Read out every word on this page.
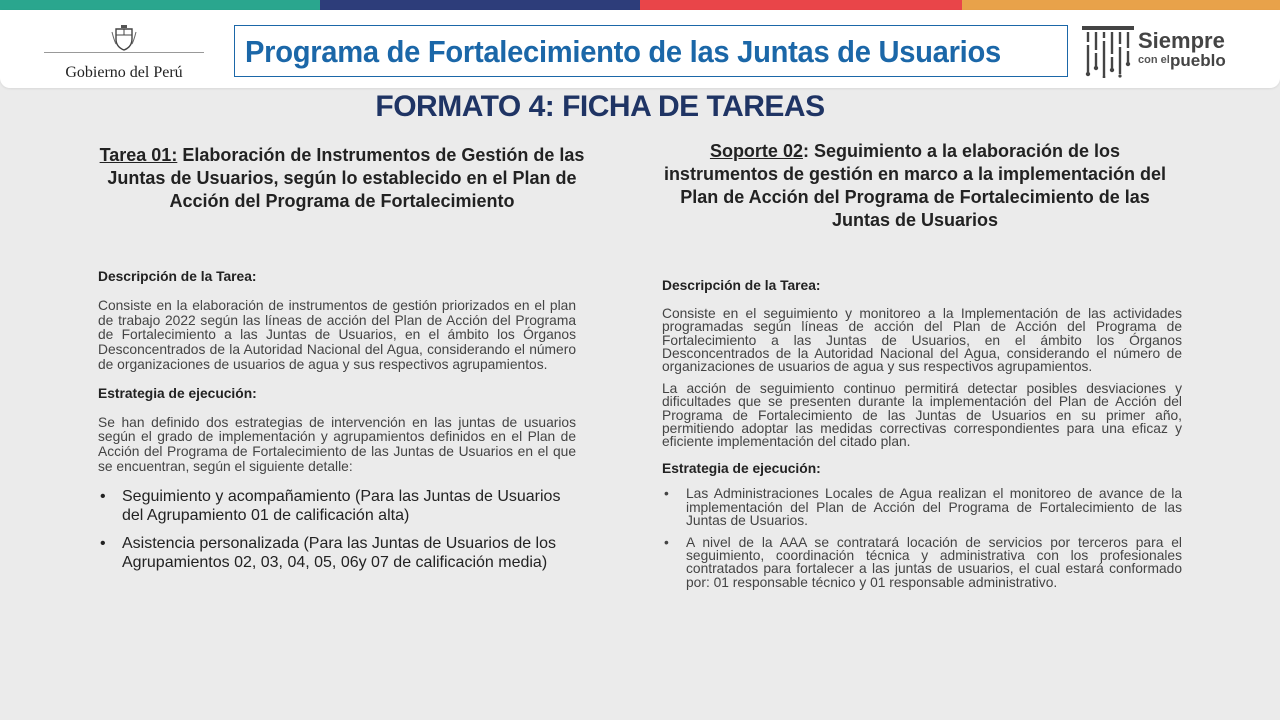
Gobierno del Perú
Programa de Fortalecimiento de las Juntas de Usuarios	Siempre
con el pueblo
FORMATO 4: FICHA DE TAREAS
Tarea 01: Elaboración de Instrumentos de Gestión de las Juntas de Usuarios, según lo establecido en el Plan de Acción del Programa de Fortalecimiento
Soporte 02: Seguimiento a la elaboración de los instrumentos de gestión en marco a la implementación del Plan de Acción del Programa de Fortalecimiento de las Juntas de Usuarios
Descripción de la Tarea:

Consiste en la elaboración de instrumentos de gestión priorizados en el plan de trabajo 2022 según las líneas de acción del Plan de Acción del Programa de Fortalecimiento a las Juntas de Usuarios, en el ámbito los Órganos Desconcentrados de la Autoridad Nacional del Agua, considerando el número de organizaciones de usuarios de agua y sus respectivos agrupamientos.

Estrategia de ejecución:

Se han definido dos estrategias de intervención en las juntas de usuarios según el grado de implementación y agrupamientos definidos en el Plan de Acción del Programa de Fortalecimiento de las Juntas de Usuarios en el que se encuentran, según el siguiente detalle:

• Seguimiento y acompañamiento (Para las Juntas de Usuarios del Agrupamiento 01 de calificación alta)
• Asistencia personalizada (Para las Juntas de Usuarios de los Agrupamientos 02, 03, 04, 05, 06y 07 de calificación media)
Descripción de la Tarea:

Consiste en el seguimiento y monitoreo a la Implementación de las actividades programadas según líneas de acción del Plan de Acción del Programa de Fortalecimiento a las Juntas de Usuarios, en el ámbito los Órganos Desconcentrados de la Autoridad Nacional del Agua, considerando el número de organizaciones de usuarios de agua y sus respectivos agrupamientos.

La acción de seguimiento continuo permitirá detectar posibles desviaciones y dificultades que se presenten durante la implementación del Plan de Acción del Programa de Fortalecimiento de las Juntas de Usuarios en su primer año, permitiendo adoptar las medidas correctivas correspondientes para una eficaz y eficiente implementación del citado plan.

Estrategia de ejecución:
• Las Administraciones Locales de Agua realizan el monitoreo de avance de la implementación del Plan de Acción del Programa de Fortalecimiento de las Juntas de Usuarios.
• A nivel de la AAA se contratará locación de servicios por terceros para el seguimiento, coordinación técnica y administrativa con los profesionales contratados para fortalecer a las juntas de usuarios, el cual estará conformado por: 01 responsable técnico y 01 responsable administrativo.
